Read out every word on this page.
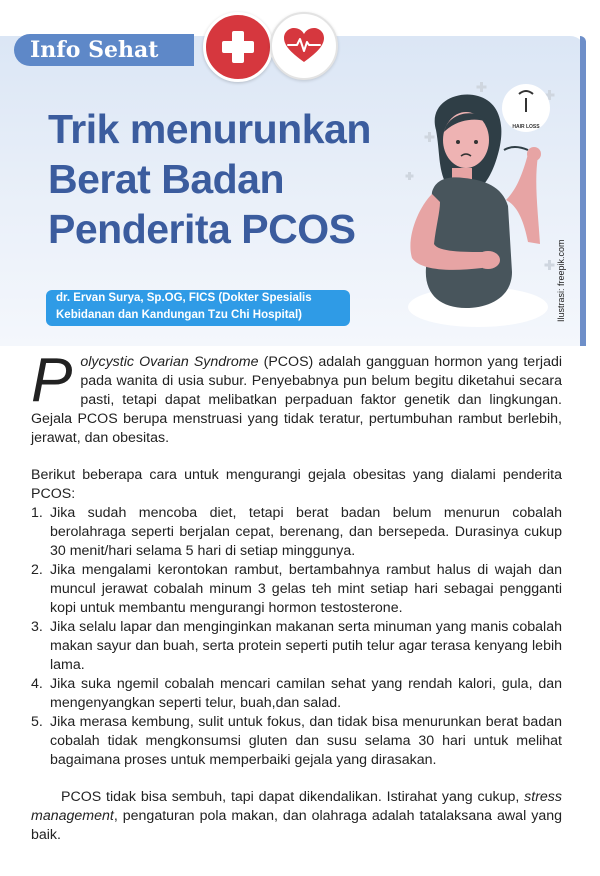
Info Sehat
Trik menurunkan
Berat Badan
Penderita PCOS

dr. Ervan Surya, Sp.OG, FICS (Dokter Spesialis Kebidanan dan Kandungan Tzu Chi Hospital)	Ilustrasi: freepik.com
HAIR LOSS

Polycystic Ovarian Syndrome (PCOS) adalah gangguan hormon yang terjadi pada wanita di usia subur. Penyebabnya pun belum begitu diketahui secara pasti, tetapi dapat melibatkan perpaduan faktor genetik dan lingkungan. Gejala PCOS berupa menstruasi yang tidak teratur, pertumbuhan rambut berlebih, jerawat, dan obesitas.

Berikut beberapa cara untuk mengurangi gejala obesitas yang dialami penderita PCOS:

1. Jika sudah mencoba diet, tetapi berat badan belum menurun cobalah berolahraga seperti berjalan cepat, berenang, dan bersepeda. Durasinya cukup 30 menit/hari selama 5 hari di setiap minggunya.
2. Jika mengalami kerontokan rambut, bertambahnya rambut halus di wajah dan muncul jerawat cobalah minum 3 gelas teh mint setiap hari sebagai pengganti kopi untuk membantu mengurangi hormon testosterone.
3. Jika selalu lapar dan menginginkan makanan serta minuman yang manis cobalah makan sayur dan buah, serta protein seperti putih telur agar terasa kenyang lebih lama.
4. Jika suka ngemil cobalah mencari camilan sehat yang rendah kalori, gula, dan mengenyangkan seperti telur, buah,dan salad.
5. Jika merasa kembung, sulit untuk fokus, dan tidak bisa menurunkan berat badan cobalah tidak mengkonsumsi gluten dan susu selama 30 hari untuk melihat bagaimana proses untuk memperbaiki gejala yang dirasakan.

PCOS tidak bisa sembuh, tapi dapat dikendalikan. Istirahat yang cukup, stress management, pengaturan pola makan, dan olahraga adalah tatalaksana awal yang baik.
